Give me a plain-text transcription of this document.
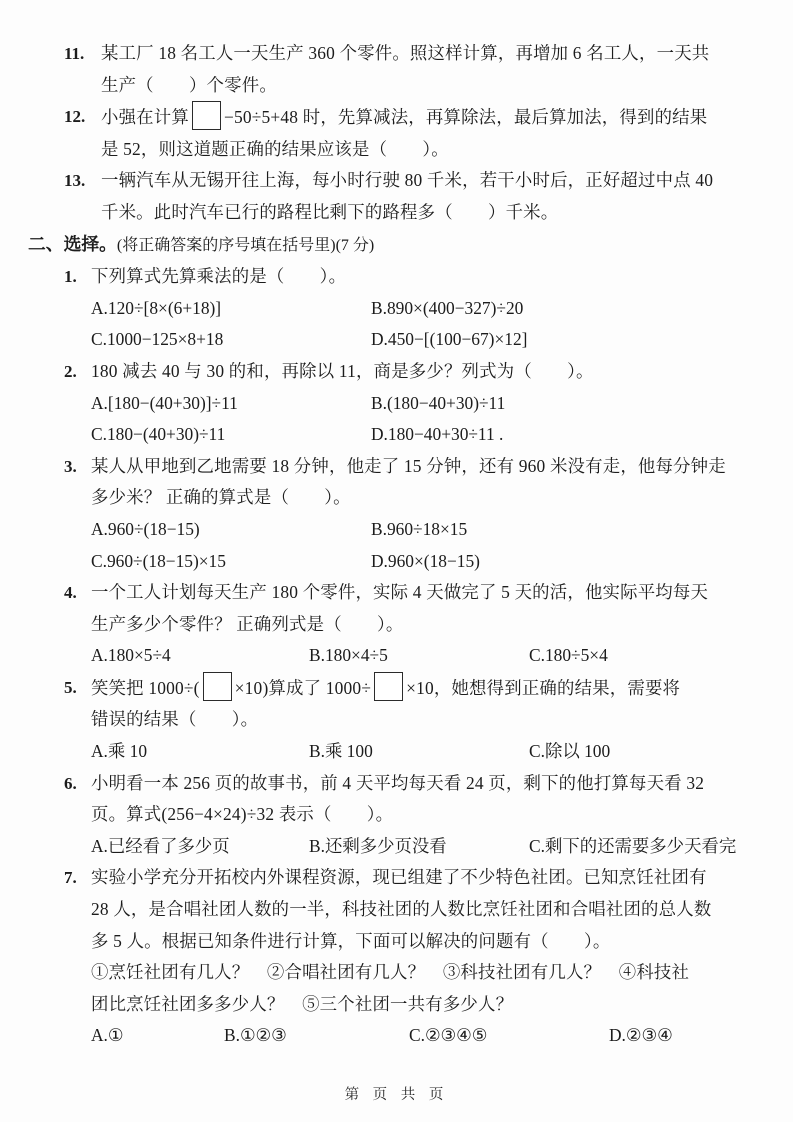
11. 某工厂 18 名工人一天生产 360 个零件。照这样计算，再增加 6 名工人，一天共
生产（　　）个零件。
12. 小强在计算 −50÷5+48 时，先算减法，再算除法，最后算加法，得到的结果
是 52，则这道题正确的结果应该是（　　）。
13. 一辆汽车从无锡开往上海，每小时行驶 80 千米，若干小时后，正好超过中点 40
千米。此时汽车已行的路程比剩下的路程多（　　）千米。
二、选择。(将正确答案的序号填在括号里)(7 分)
1. 下列算式先算乘法的是（　　）。
A.120÷[8×(6+18)]	B.890×(400−327)÷20
C.1000−125×8+18	D.450−[(100−67)×12]
2. 180 减去 40 与 30 的和，再除以 11，商是多少？列式为（　　）。
A.[180−(40+30)]÷11	B.(180−40+30)÷11
C.180−(40+30)÷11	D.180−40+30÷11 .
3. 某人从甲地到乙地需要 18 分钟，他走了 15 分钟，还有 960 米没有走，他每分钟走
多少米？ 正确的算式是（　　）。
A.960÷(18−15)	B.960÷18×15
C.960÷(18−15)×15	D.960×(18−15)
4. 一个工人计划每天生产 180 个零件，实际 4 天做完了 5 天的活，他实际平均每天
生产多少个零件？ 正确列式是（　　）。
A.180×5÷4	B.180×4÷5	C.180÷5×4
5. 笑笑把 1000÷( ×10)算成了 1000÷ ×10，她想得到正确的结果，需要将
错误的结果（　　）。
A.乘 10	B.乘 100	C.除以 100
6. 小明看一本 256 页的故事书，前 4 天平均每天看 24 页，剩下的他打算每天看 32
页。算式(256−4×24)÷32 表示（　　）。
A.已经看了多少页	B.还剩多少页没看	C.剩下的还需要多少天看完
7. 实验小学充分开拓校内外课程资源，现已组建了不少特色社团。已知烹饪社团有
28 人，是合唱社团人数的一半，科技社团的人数比烹饪社团和合唱社团的总人数
多 5 人。根据已知条件进行计算，下面可以解决的问题有（　　）。
①烹饪社团有几人？　②合唱社团有几人？　③科技社团有几人？　④科技社
团比烹饪社团多多少人？　⑤三个社团一共有多少人？
A.①	B.①②③	C.②③④⑤	D.②③④
第 页 共 页
